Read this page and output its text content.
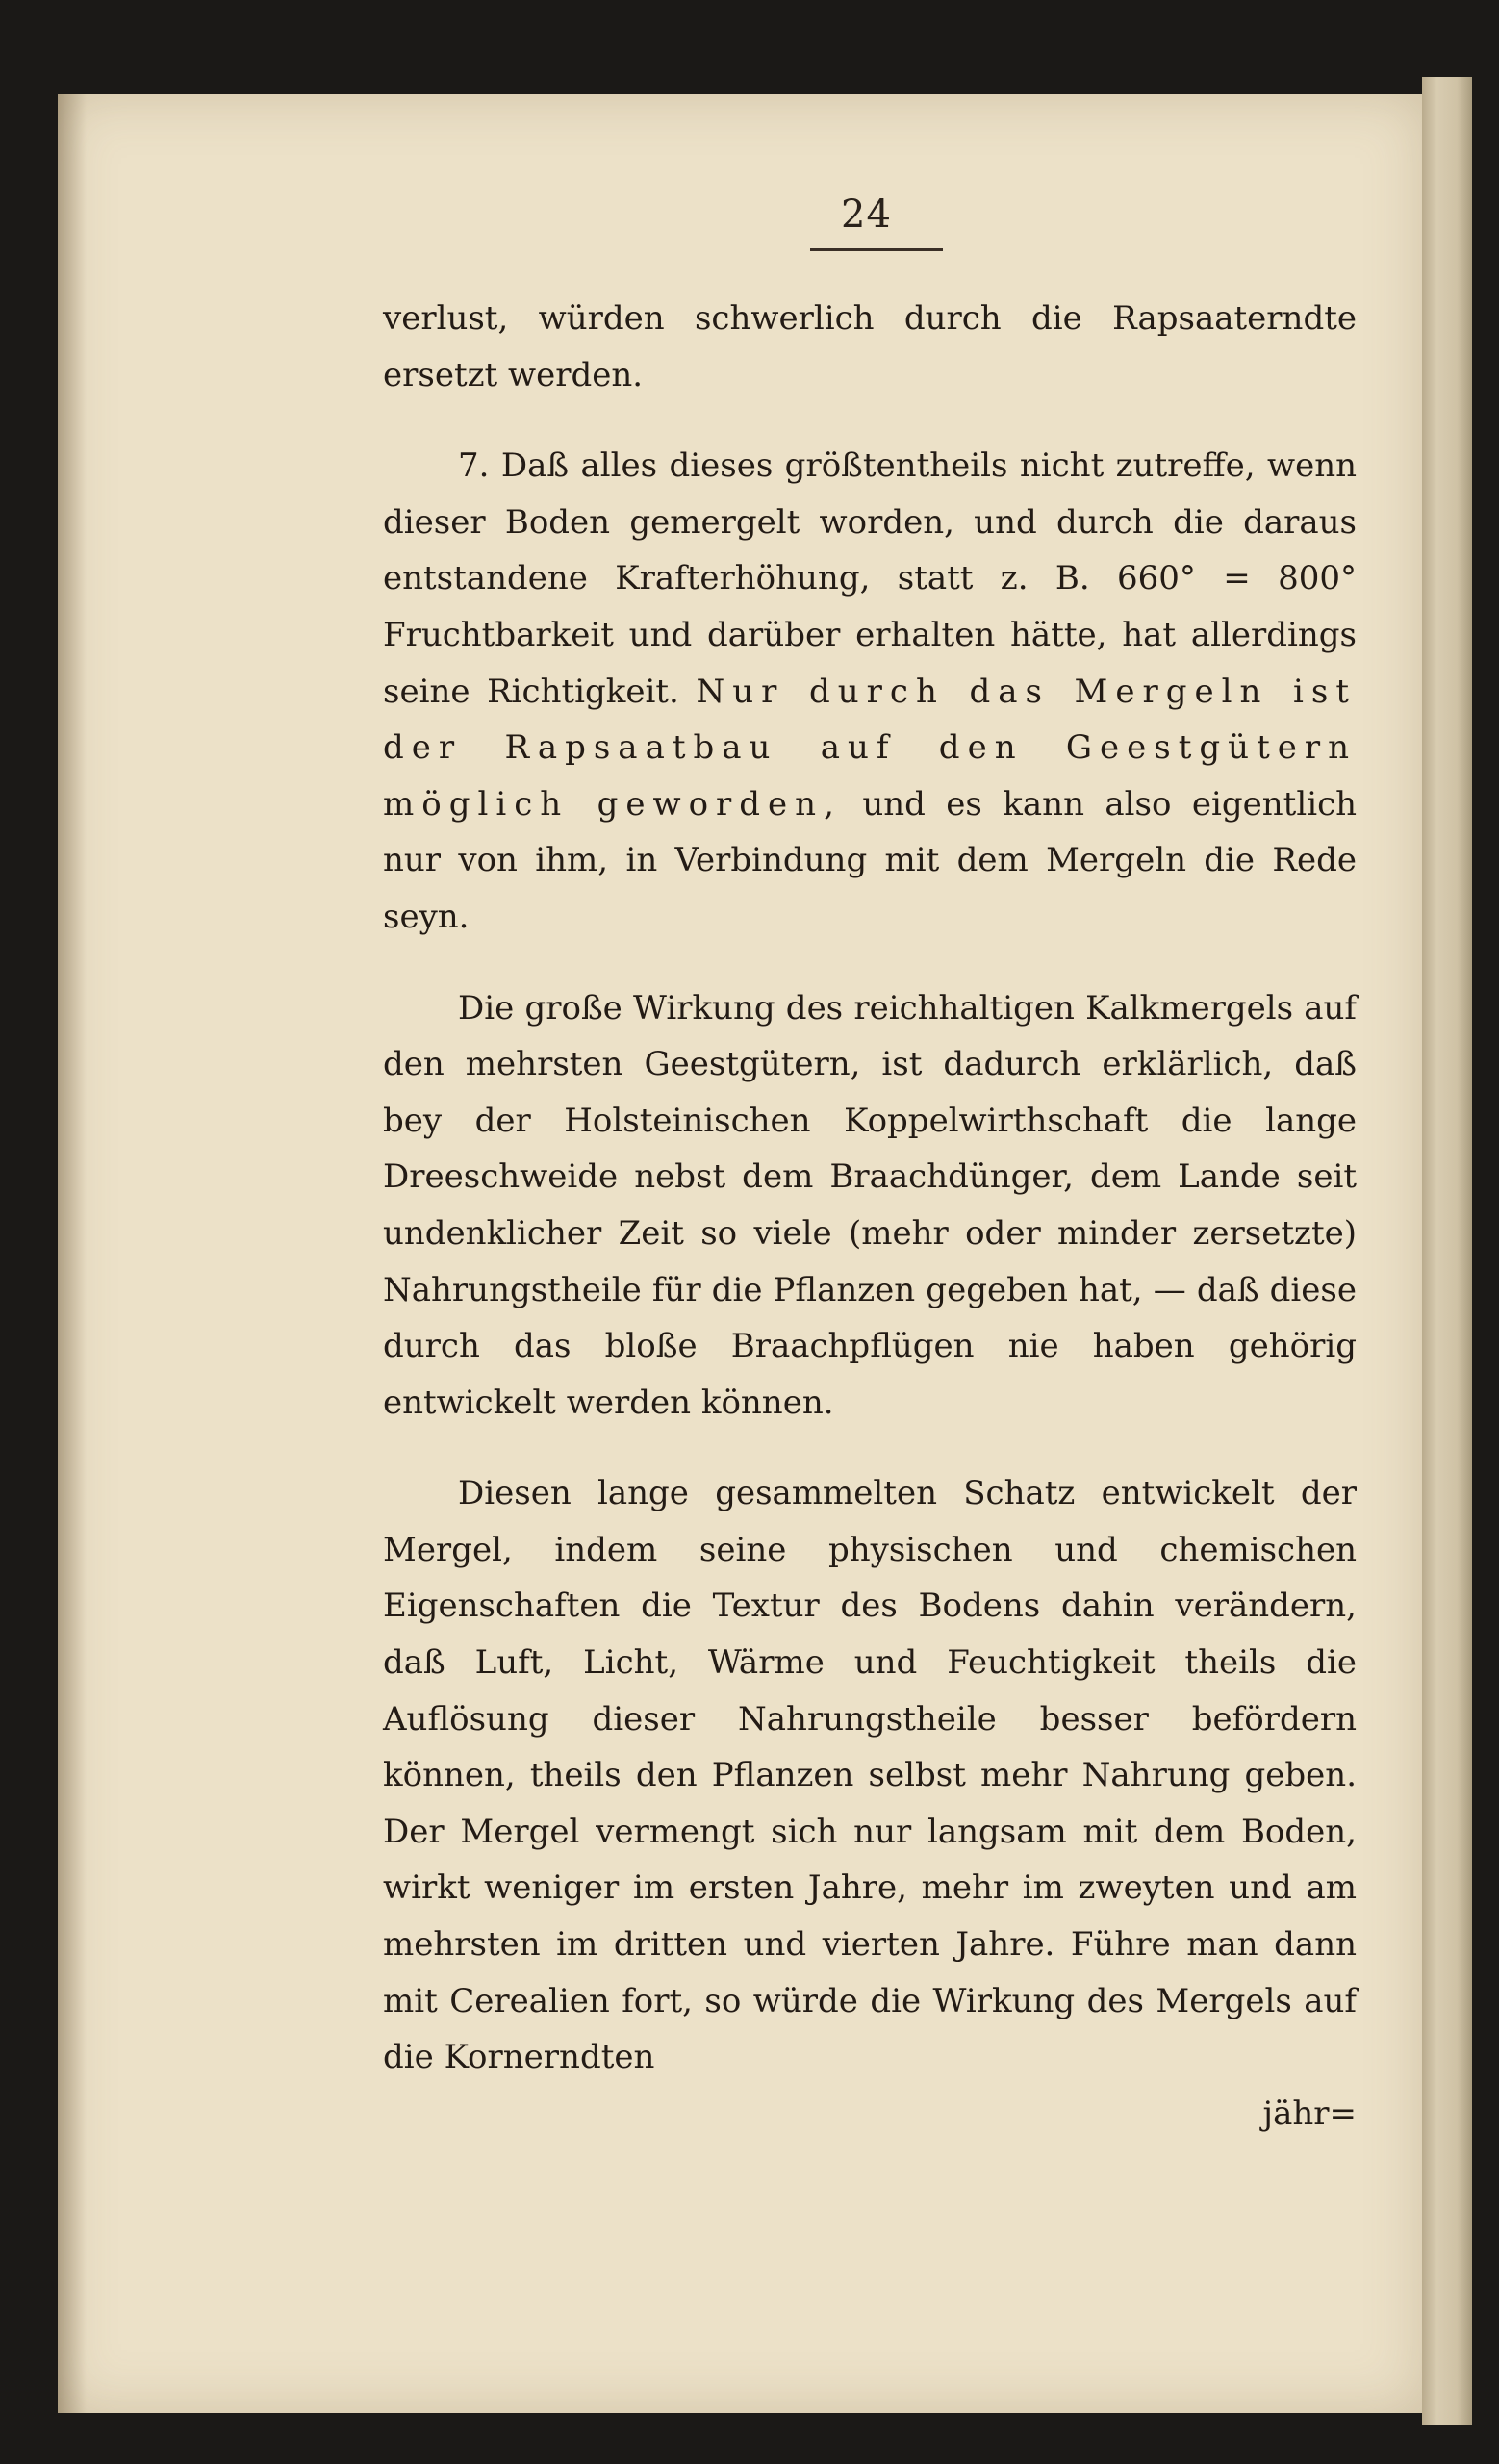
24

verlust, würden schwerlich durch die Rapsaaterndte ersetzt werden.

7. Daß alles dieses größtentheils nicht zutreffe, wenn dieser Boden gemergelt worden, und durch die daraus entstandene Krafterhöhung, statt z. B. 660° = 800° Fruchtbarkeit und darüber erhalten hätte, hat allerdings seine Richtigkeit. Nur durch das Mergeln ist der Rapsaatbau auf den Geestgütern möglich geworden, und es kann also eigentlich nur von ihm, in Verbindung mit dem Mergeln die Rede seyn.

Die große Wirkung des reichhaltigen Kalkmergels auf den mehrsten Geestgütern, ist dadurch erklärlich, daß bey der Holsteinischen Koppelwirthschaft die lange Dreeschweide nebst dem Braachdünger, dem Lande seit undenklicher Zeit so viele (mehr oder minder zersetzte) Nahrungstheile für die Pflanzen gegeben hat, — daß diese durch das bloße Braachpflügen nie haben gehörig entwickelt werden können.

Diesen lange gesammelten Schatz entwickelt der Mergel, indem seine physischen und chemischen Eigenschaften die Textur des Bodens dahin verändern, daß Luft, Licht, Wärme und Feuchtigkeit theils die Auflösung dieser Nahrungstheile besser befördern können, theils den Pflanzen selbst mehr Nahrung geben. Der Mergel vermengt sich nur langsam mit dem Boden, wirkt weniger im ersten Jahre, mehr im zweyten und am mehrsten im dritten und vierten Jahre. Führe man dann mit Cerealien fort, so würde die Wirkung des Mergels auf die Kornerndten

jähr=
